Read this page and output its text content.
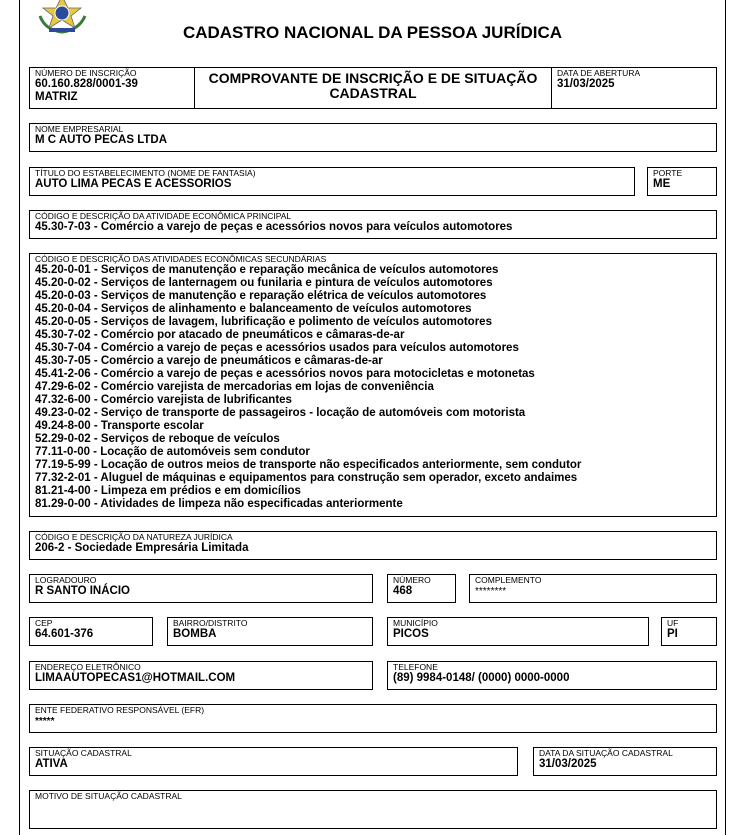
CADASTRO NACIONAL DA PESSOA JURÍDICA
NÚMERO DE INSCRIÇÃO
60.160.828/0001-39
MATRIZ
COMPROVANTE DE INSCRIÇÃO E DE SITUAÇÃO
CADASTRAL
DATA DE ABERTURA
31/03/2025
NOME EMPRESARIAL
M C AUTO PECAS LTDA
TÍTULO DO ESTABELECIMENTO (NOME DE FANTASIA)
AUTO LIMA PECAS E ACESSORIOS
PORTE
ME
CÓDIGO E DESCRIÇÃO DA ATIVIDADE ECONÔMICA PRINCIPAL
45.30-7-03 - Comércio a varejo de peças e acessórios novos para veículos automotores
CÓDIGO E DESCRIÇÃO DAS ATIVIDADES ECONÔMICAS SECUNDÁRIAS
45.20-0-01 - Serviços de manutenção e reparação mecânica de veículos automotores
45.20-0-02 - Serviços de lanternagem ou funilaria e pintura de veículos automotores
45.20-0-03 - Serviços de manutenção e reparação elétrica de veículos automotores
45.20-0-04 - Serviços de alinhamento e balanceamento de veículos automotores
45.20-0-05 - Serviços de lavagem, lubrificação e polimento de veículos automotores
45.30-7-02 - Comércio por atacado de pneumáticos e câmaras-de-ar
45.30-7-04 - Comércio a varejo de peças e acessórios usados para veículos automotores
45.30-7-05 - Comércio a varejo de pneumáticos e câmaras-de-ar
45.41-2-06 - Comércio a varejo de peças e acessórios novos para motocicletas e motonetas
47.29-6-02 - Comércio varejista de mercadorias em lojas de conveniência
47.32-6-00 - Comércio varejista de lubrificantes
49.23-0-02 - Serviço de transporte de passageiros - locação de automóveis com motorista
49.24-8-00 - Transporte escolar
52.29-0-02 - Serviços de reboque de veículos
77.11-0-00 - Locação de automóveis sem condutor
77.19-5-99 - Locação de outros meios de transporte não especificados anteriormente, sem condutor
77.32-2-01 - Aluguel de máquinas e equipamentos para construção sem operador, exceto andaimes
81.21-4-00 - Limpeza em prédios e em domicílios
81.29-0-00 - Atividades de limpeza não especificadas anteriormente
CÓDIGO E DESCRIÇÃO DA NATUREZA JURÍDICA
206-2 - Sociedade Empresária Limitada
LOGRADOURO
R SANTO INÁCIO
NÚMERO
468
COMPLEMENTO
********
CEP
64.601-376
BAIRRO/DISTRITO
BOMBA
MUNICÍPIO
PICOS
UF
PI
ENDEREÇO ELETRÔNICO
LIMAAUTOPECAS1@HOTMAIL.COM
TELEFONE
(89) 9984-0148/ (0000) 0000-0000
ENTE FEDERATIVO RESPONSÁVEL (EFR)
*****
SITUAÇÃO CADASTRAL
ATIVA
DATA DA SITUAÇÃO CADASTRAL
31/03/2025
MOTIVO DE SITUAÇÃO CADASTRAL
